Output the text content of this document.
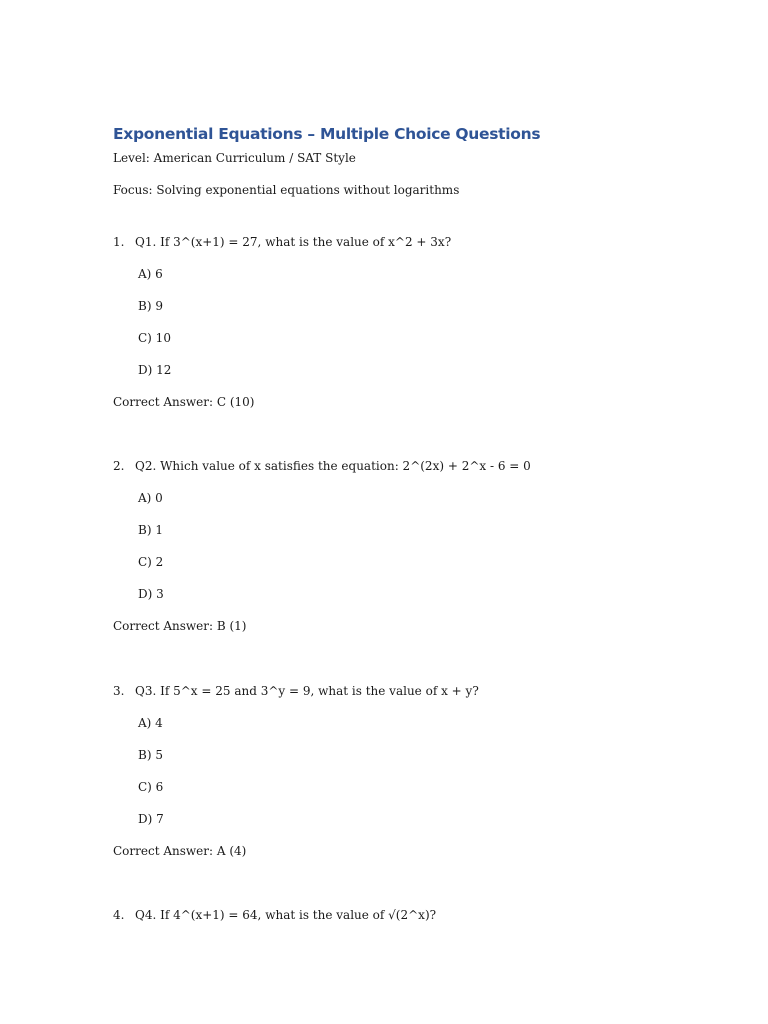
Exponential Equations – Multiple Choice Questions
Level: American Curriculum / SAT Style
Focus: Solving exponential equations without logarithms
1. Q1. If 3^(x+1) = 27, what is the value of x^2 + 3x?
A) 6
B) 9
C) 10
D) 12
Correct Answer: C (10)
2. Q2. Which value of x satisfies the equation: 2^(2x) + 2^x - 6 = 0
A) 0
B) 1
C) 2
D) 3
Correct Answer: B (1)
3. Q3. If 5^x = 25 and 3^y = 9, what is the value of x + y?
A) 4
B) 5
C) 6
D) 7
Correct Answer: A (4)
4. Q4. If 4^(x+1) = 64, what is the value of √(2^x)?
